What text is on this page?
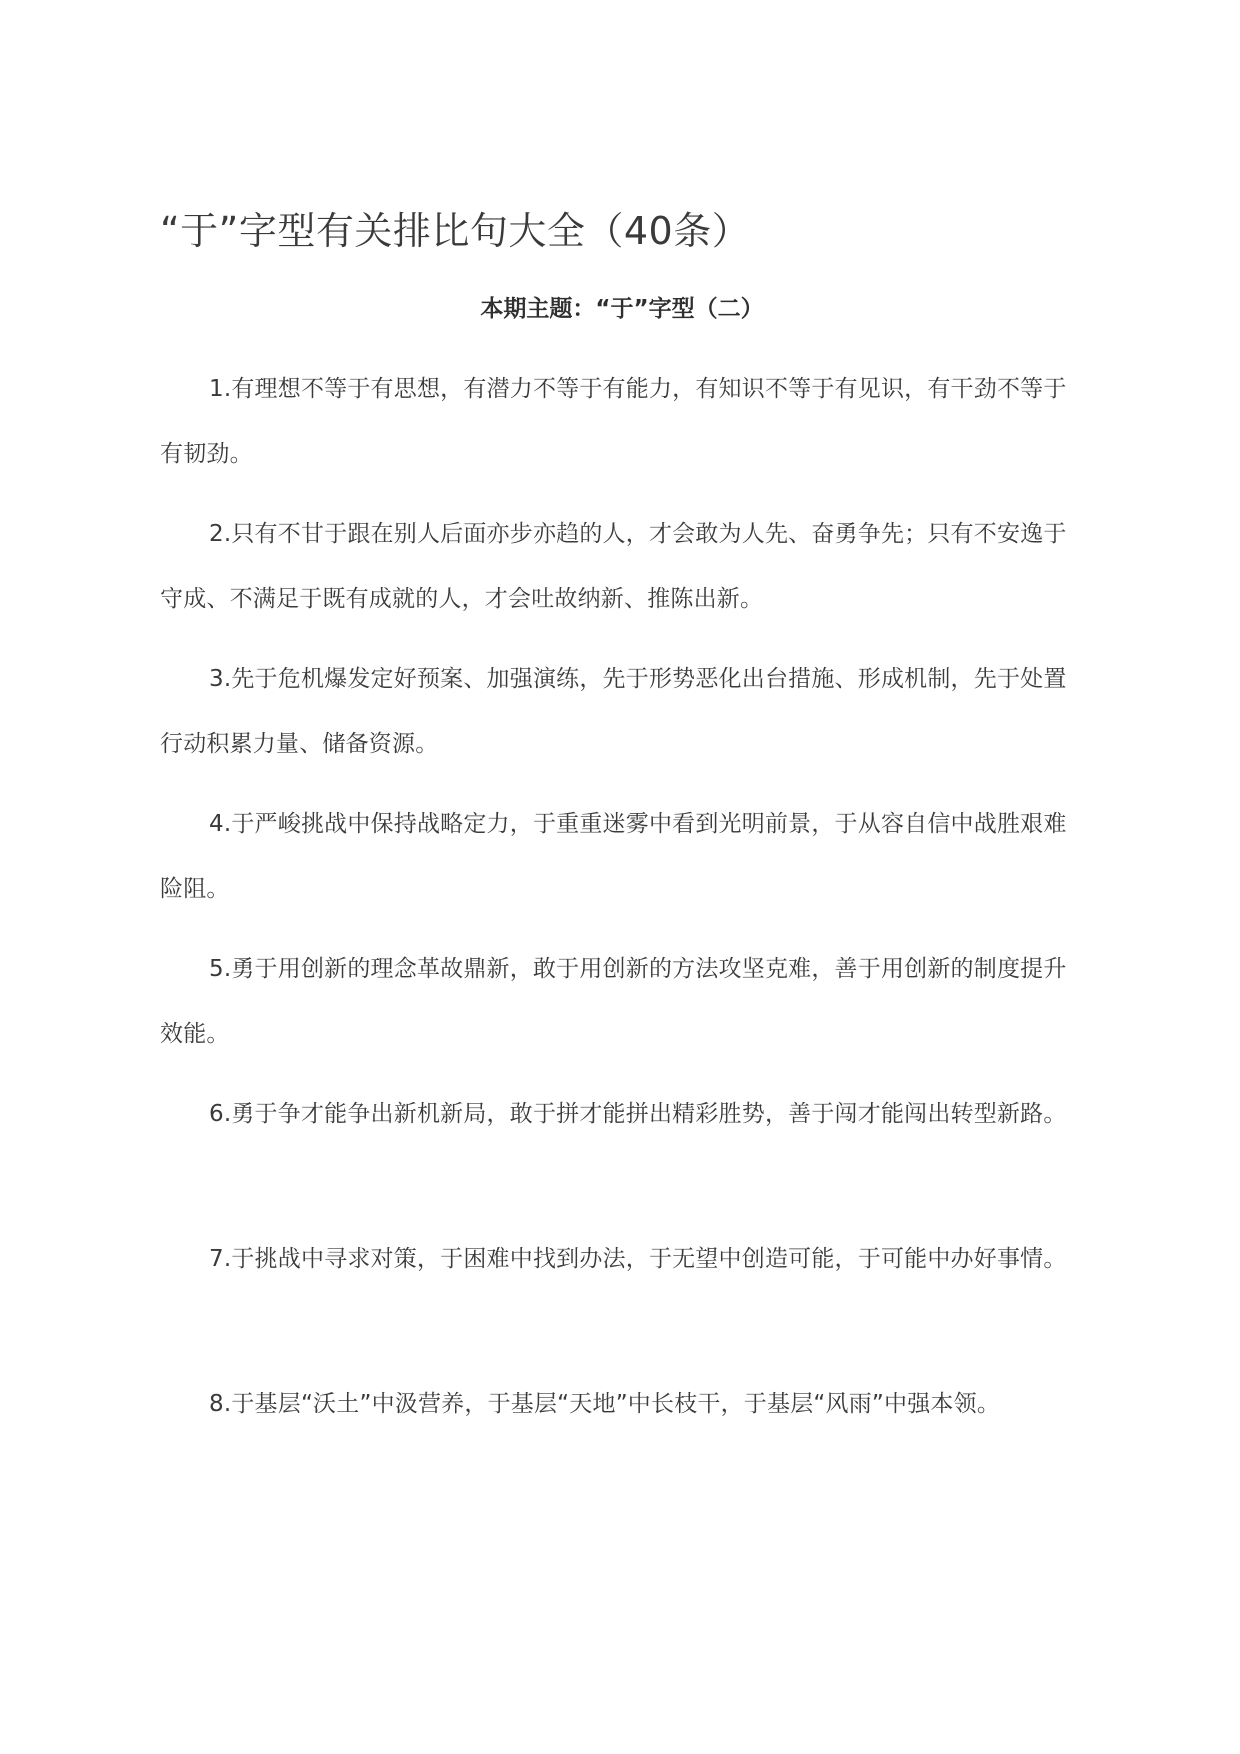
“于”字型有关排比句大全（40条）
本期主题：“于”字型（二）

1.有理想不等于有思想，有潜力不等于有能力，有知识不等于有见识，有干劲不等于有韧劲。

2.只有不甘于跟在别人后面亦步亦趋的人，才会敢为人先、奋勇争先；只有不安逸于守成、不满足于既有成就的人，才会吐故纳新、推陈出新。

3.先于危机爆发定好预案、加强演练，先于形势恶化出台措施、形成机制，先于处置行动积累力量、储备资源。

4.于严峻挑战中保持战略定力，于重重迷雾中看到光明前景，于从容自信中战胜艰难险阻。

5.勇于用创新的理念革故鼎新，敢于用创新的方法攻坚克难，善于用创新的制度提升效能。

6.勇于争才能争出新机新局，敢于拼才能拼出精彩胜势，善于闯才能闯出转型新路。

7.于挑战中寻求对策，于困难中找到办法，于无望中创造可能，于可能中办好事情。

8.于基层“沃土”中汲营养，于基层“天地”中长枝干，于基层“风雨”中强本领。
